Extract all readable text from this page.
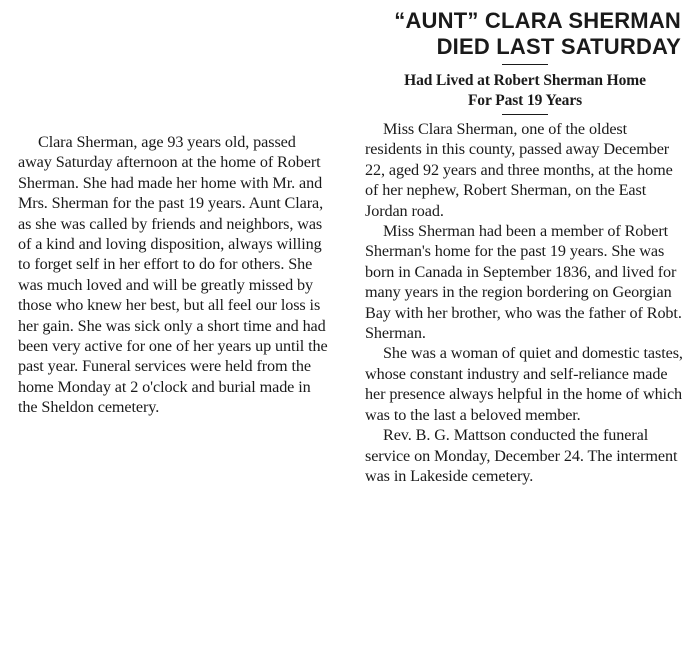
Clara Sherman, age 93 years old, passed away Saturday afternoon at the home of Robert Sherman. She had made her home with Mr. and Mrs. Sherman for the past 19 years. Aunt Clara, as she was called by friends and neighbors, was of a kind and loving disposition, always willing to forget self in her effort to do for others. She was much loved and will be greatly missed by those who knew her best, but all feel our loss is her gain. She was sick only a short time and had been very active for one of her years up until the past year. Funeral services were held from the home Monday at 2 o'clock and burial made in the Sheldon cemetery.

“AUNT” CLARA SHERMAN
DIED LAST SATURDAY
Had Lived at Robert Sherman Home
For Past 19 Years

Miss Clara Sherman, one of the oldest residents in this county, passed away December 22, aged 92 years and three months, at the home of her nephew, Robert Sherman, on the East Jordan road.

Miss Sherman had been a member of Robert Sherman's home for the past 19 years. She was born in Canada in September 1836, and lived for many years in the region bordering on Georgian Bay with her brother, who was the father of Robt. Sherman.

She was a woman of quiet and domestic tastes, whose constant industry and self-reliance made her presence always helpful in the home of which was to the last a beloved member.

Rev. B. G. Mattson conducted the funeral service on Monday, December 24. The interment was in Lakeside cemetery.
